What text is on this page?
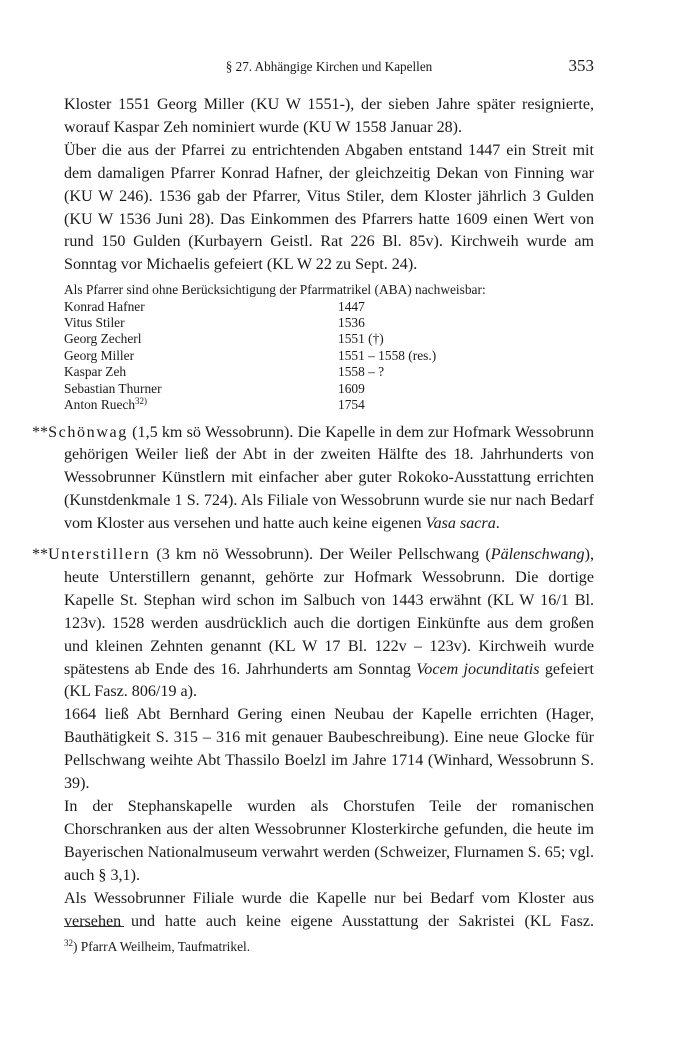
§ 27. Abhängige Kirchen und Kapellen	353

Kloster 1551 Georg Miller (KU W 1551-), der sieben Jahre später resignierte, worauf Kaspar Zeh nominiert wurde (KU W 1558 Januar 28).

Über die aus der Pfarrei zu entrichtenden Abgaben entstand 1447 ein Streit mit dem damaligen Pfarrer Konrad Hafner, der gleichzeitig Dekan von Finning war (KU W 246). 1536 gab der Pfarrer, Vitus Stiler, dem Kloster jährlich 3 Gulden (KU W 1536 Juni 28). Das Einkommen des Pfarrers hatte 1609 einen Wert von rund 150 Gulden (Kurbayern Geistl. Rat 226 Bl. 85v). Kirchweih wurde am Sonntag vor Michaelis gefeiert (KL W 22 zu Sept. 24).

Als Pfarrer sind ohne Berücksichtigung der Pfarrmatrikel (ABA) nachweisbar:
Konrad Hafner	1447
Vitus Stiler	1536
Georg Zecherl	1551 (†)
Georg Miller	1551 – 1558 (res.)
Kaspar Zeh	1558 – ?
Sebastian Thurner	1609
Anton Ruech$^{32)}$	1754
**Schönwag (1,5 km sö Wessobrunn). Die Kapelle in dem zur Hofmark Wessobrunn gehörigen Weiler ließ der Abt in der zweiten Hälfte des 18. Jahrhunderts von Wessobrunner Künstlern mit einfacher aber guter Rokoko-Ausstattung errichten (Kunstdenkmale 1 S. 724). Als Filiale von Wessobrunn wurde sie nur nach Bedarf vom Kloster aus versehen und hatte auch keine eigenen Vasa sacra.
**Unterstillern (3 km nö Wessobrunn). Der Weiler Pellschwang (Pälenschwang), heute Unterstillern genannt, gehörte zur Hofmark Wessobrunn. Die dortige Kapelle St. Stephan wird schon im Salbuch von 1443 erwähnt (KL W 16/1 Bl. 123v). 1528 werden ausdrücklich auch die dortigen Einkünfte aus dem großen und kleinen Zehnten genannt (KL W 17 Bl. 122v – 123v). Kirchweih wurde spätestens ab Ende des 16. Jahrhunderts am Sonntag Vocem jocunditatis gefeiert (KL Fasz. 806/19 a).

1664 ließ Abt Bernhard Gering einen Neubau der Kapelle errichten (Hager, Bauthätigkeit S. 315 – 316 mit genauer Baubeschreibung). Eine neue Glocke für Pellschwang weihte Abt Thassilo Boelzl im Jahre 1714 (Winhard, Wessobrunn S. 39).

In der Stephanskapelle wurden als Chorstufen Teile der romanischen Chorschranken aus der alten Wessobrunner Klosterkirche gefunden, die heute im Bayerischen Nationalmuseum verwahrt werden (Schweizer, Flurnamen S. 65; vgl. auch § 3,1).

Als Wessobrunner Filiale wurde die Kapelle nur bei Bedarf vom Kloster aus versehen und hatte auch keine eigene Ausstattung der Sakristei (KL Fasz.

$^{32}$) PfarrA Weilheim, Taufmatrikel.
